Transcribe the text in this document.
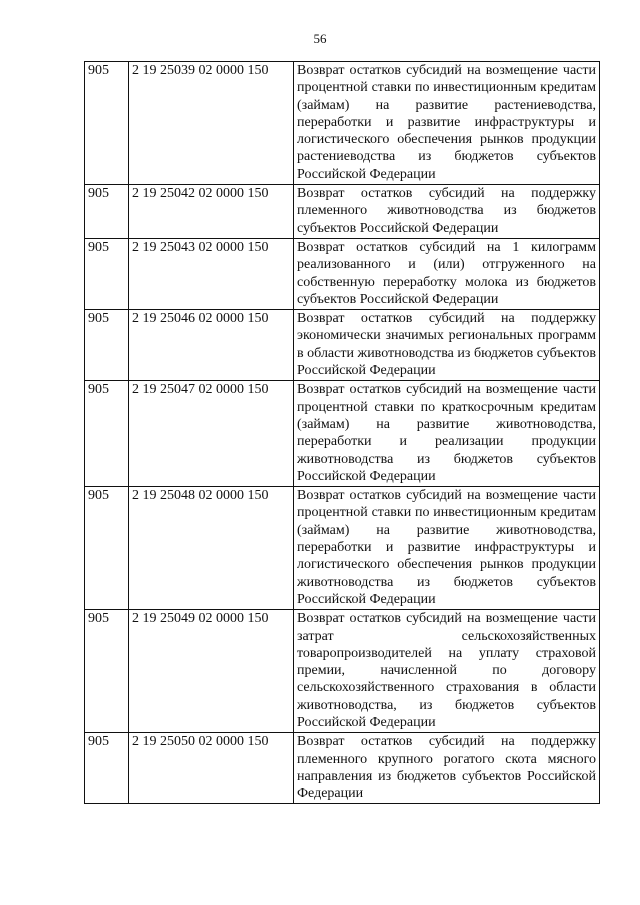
56
905	2 19 25039 02 0000 150	Возврат остатков субсидий на возмещение части процентной ставки по инвестиционным кредитам (займам) на развитие растениеводства, переработки и развитие инфраструктуры и логистического обеспечения рынков продукции растениеводства из бюджетов субъектов Российской Федерации
905	2 19 25042 02 0000 150	Возврат остатков субсидий на поддержку племенного животноводства из бюджетов субъектов Российской Федерации
905	2 19 25043 02 0000 150	Возврат остатков субсидий на 1 килограмм реализованного и (или) отгруженного на собственную переработку молока из бюджетов субъектов Российской Федерации
905	2 19 25046 02 0000 150	Возврат остатков субсидий на поддержку экономически значимых региональных программ в области животноводства из бюджетов субъектов Российской Федерации
905	2 19 25047 02 0000 150	Возврат остатков субсидий на возмещение части процентной ставки по краткосрочным кредитам (займам) на развитие животноводства, переработки и реализации продукции животноводства из бюджетов субъектов Российской Федерации
905	2 19 25048 02 0000 150	Возврат остатков субсидий на возмещение части процентной ставки по инвестиционным кредитам (займам) на развитие животноводства, переработки и развитие инфраструктуры и логистического обеспечения рынков продукции животноводства из бюджетов субъектов Российской Федерации
905	2 19 25049 02 0000 150	Возврат остатков субсидий на возмещение части затрат сельскохозяйственных товаропроизводителей на уплату страховой премии, начисленной по договору сельскохозяйственного страхования в области животноводства, из бюджетов субъектов Российской Федерации
905	2 19 25050 02 0000 150	Возврат остатков субсидий на поддержку племенного крупного рогатого скота мясного направления из бюджетов субъектов Российской Федерации
